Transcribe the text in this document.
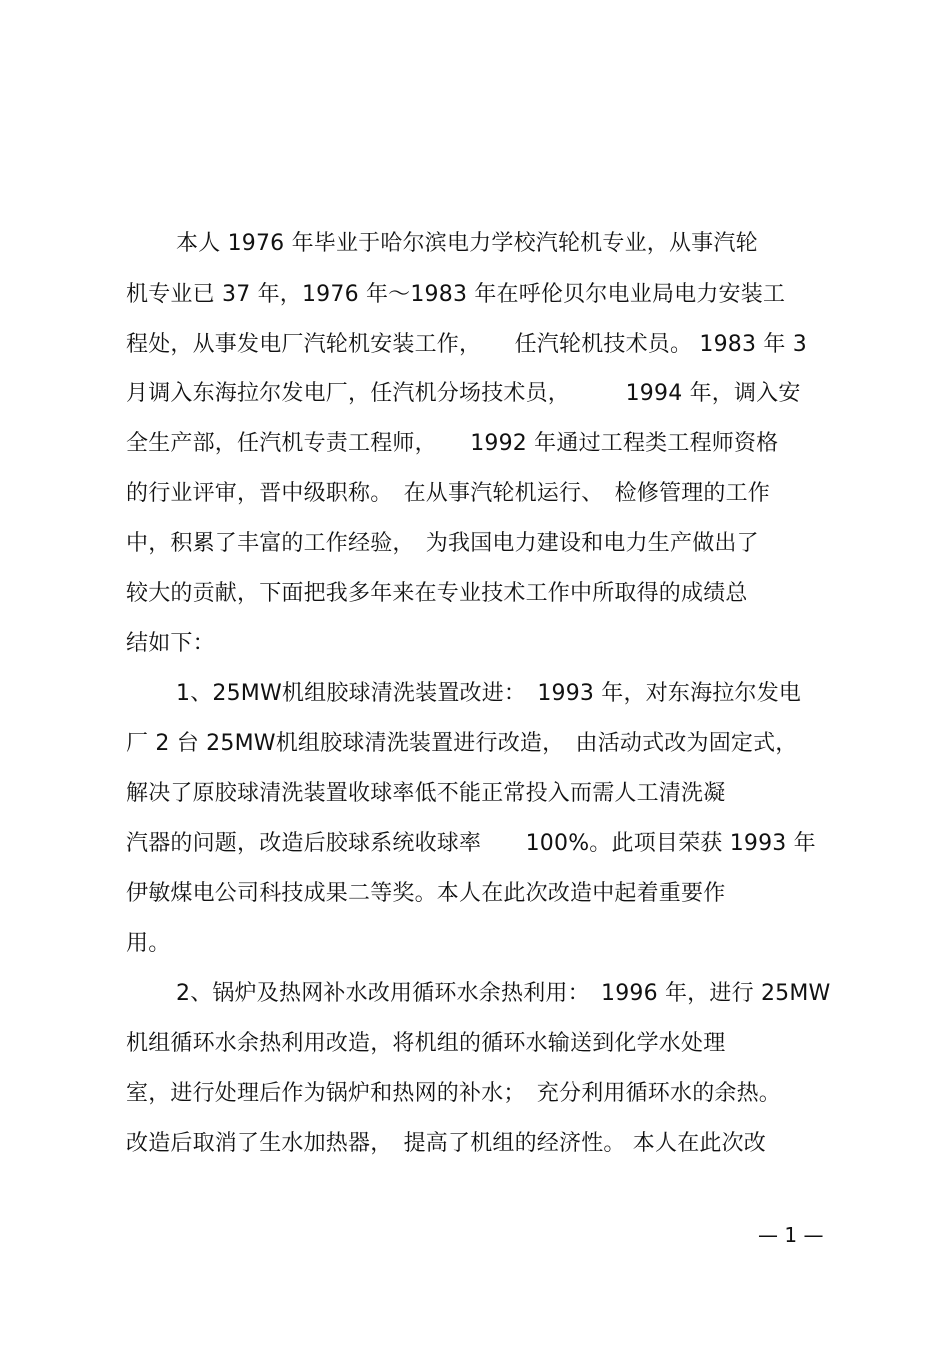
本人 1976 年毕业于哈尔滨电力学校汽轮机专业，从事汽轮
机专业已 37 年，1976 年～1983 年在呼伦贝尔电业局电力安装工
程处，从事发电厂汽轮机安装工作，　　任汽轮机技术员。 1983 年 3
月调入东海拉尔发电厂，任汽机分场技术员，　　　1994 年，调入安
全生产部，任汽机专责工程师，　　1992 年通过工程类工程师资格
的行业评审，晋中级职称。　在从事汽轮机运行、　检修管理的工作
中，积累了丰富的工作经验，　为我国电力建设和电力生产做出了
较大的贡献，下面把我多年来在专业技术工作中所取得的成绩总
结如下：
1、25MW机组胶球清洗装置改进：　1993 年，对东海拉尔发电
厂 2 台 25MW机组胶球清洗装置进行改造，　由活动式改为固定式，
解决了原胶球清洗装置收球率低不能正常投入而需人工清洗凝
汽器的问题，改造后胶球系统收球率　　100%。此项目荣获 1993 年
伊敏煤电公司科技成果二等奖。本人在此次改造中起着重要作
用。
2、锅炉及热网补水改用循环水余热利用：　1996 年，进行 25MW
机组循环水余热利用改造，将机组的循环水输送到化学水处理
室，进行处理后作为锅炉和热网的补水；　充分利用循环水的余热。
改造后取消了生水加热器，　提高了机组的经济性。 本人在此次改
— 1 —
